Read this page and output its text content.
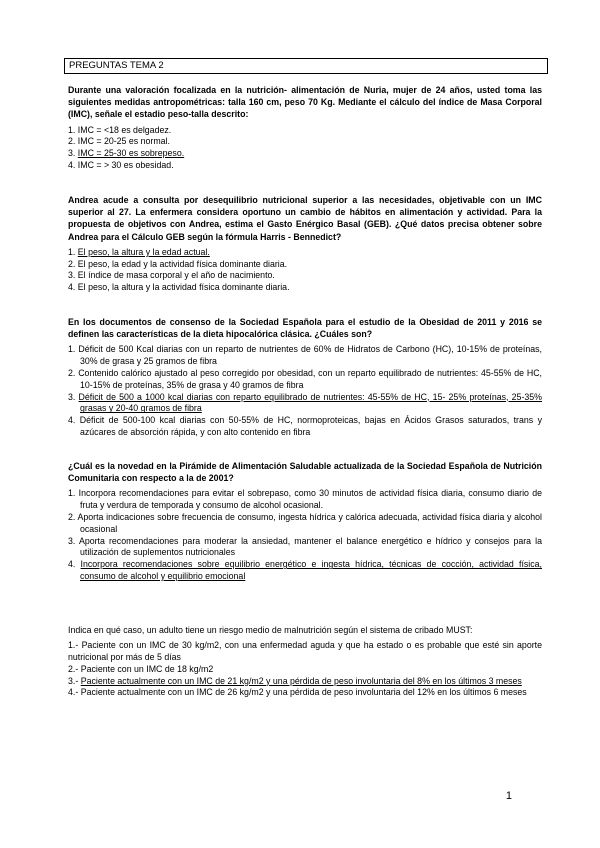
PREGUNTAS TEMA 2
Durante una valoración focalizada en la nutrición- alimentación de Nuria, mujer de 24 años, usted toma las siguientes medidas antropométricas: talla 160 cm, peso 70 Kg. Mediante el cálculo del índice de Masa Corporal (IMC), señale el estadio peso-talla descrito:
1. IMC = <18 es delgadez.
2. IMC = 20-25 es normal.
3. IMC = 25-30 es sobrepeso.
4. IMC = > 30 es obesidad.
Andrea acude a consulta por desequilibrio nutricional superior a las necesidades, objetivable con un IMC superior al 27. La enfermera considera oportuno un cambio de hábitos en alimentación y actividad. Para la propuesta de objetivos con Andrea, estima el Gasto Enérgico Basal (GEB). ¿Qué datos precisa obtener sobre Andrea para el Cálculo GEB según la fórmula Harris - Bennedict?
1. El peso, la altura y la edad actual.
2. El peso, la edad y la actividad física dominante diaria.
3. El índice de masa corporal y el año de nacimiento.
4. El peso, la altura y la actividad física dominante diaria.
En los documentos de consenso de la Sociedad Española para el estudio de la Obesidad de 2011 y 2016 se definen las características de la dieta hipocalórica clásica. ¿Cuáles son?
1. Déficit de 500 Kcal diarias con un reparto de nutrientes de 60% de Hidratos de Carbono (HC), 10-15% de proteínas, 30% de grasa y 25 gramos de fibra
2. Contenido calórico ajustado al peso corregido por obesidad, con un reparto equilibrado de nutrientes: 45-55% de HC, 10-15% de proteínas, 35% de grasa y 40 gramos de fibra
3. Déficit de 500 a 1000 kcal diarias con reparto equilibrado de nutrientes: 45-55% de HC, 15- 25% proteínas, 25-35% grasas y 20-40 gramos de fibra
4. Déficit de 500-100 kcal diarias con 50-55% de HC, normoproteicas, bajas en Ácidos Grasos saturados, trans y azúcares de absorción rápida, y con alto contenido en fibra
¿Cuál es la novedad en la Pirámide de Alimentación Saludable actualizada de la Sociedad Española de Nutrición Comunitaria con respecto a la de 2001?
1. Incorpora recomendaciones para evitar el sobrepaso, como 30 minutos de actividad física diaria, consumo diario de fruta y verdura de temporada y consumo de alcohol ocasional.
2. Aporta indicaciones sobre frecuencia de consumo, ingesta hídrica y calórica adecuada, actividad física diaria y alcohol ocasional
3. Aporta recomendaciones para moderar la ansiedad, mantener el balance energético e hídrico y consejos para la utilización de suplementos nutricionales
4. Incorpora recomendaciones sobre equilibrio energético e ingesta hídrica, técnicas de cocción, actividad física, consumo de alcohol y equilibrio emocional
Indica en qué caso, un adulto tiene un riesgo medio de malnutrición según el sistema de cribado MUST:
1.- Paciente con un IMC de 30 kg/m2, con una enfermedad aguda y que ha estado o es probable que esté sin aporte nutricional por más de 5 días
2.- Paciente con un IMC de 18 kg/m2
3.- Paciente actualmente con un IMC de 21 kg/m2 y una pérdida de peso involuntaria del 8% en los últimos 3 meses
4.- Paciente actualmente con un IMC de 26 kg/m2 y una pérdida de peso involuntaria del 12% en los últimos 6 meses
1
